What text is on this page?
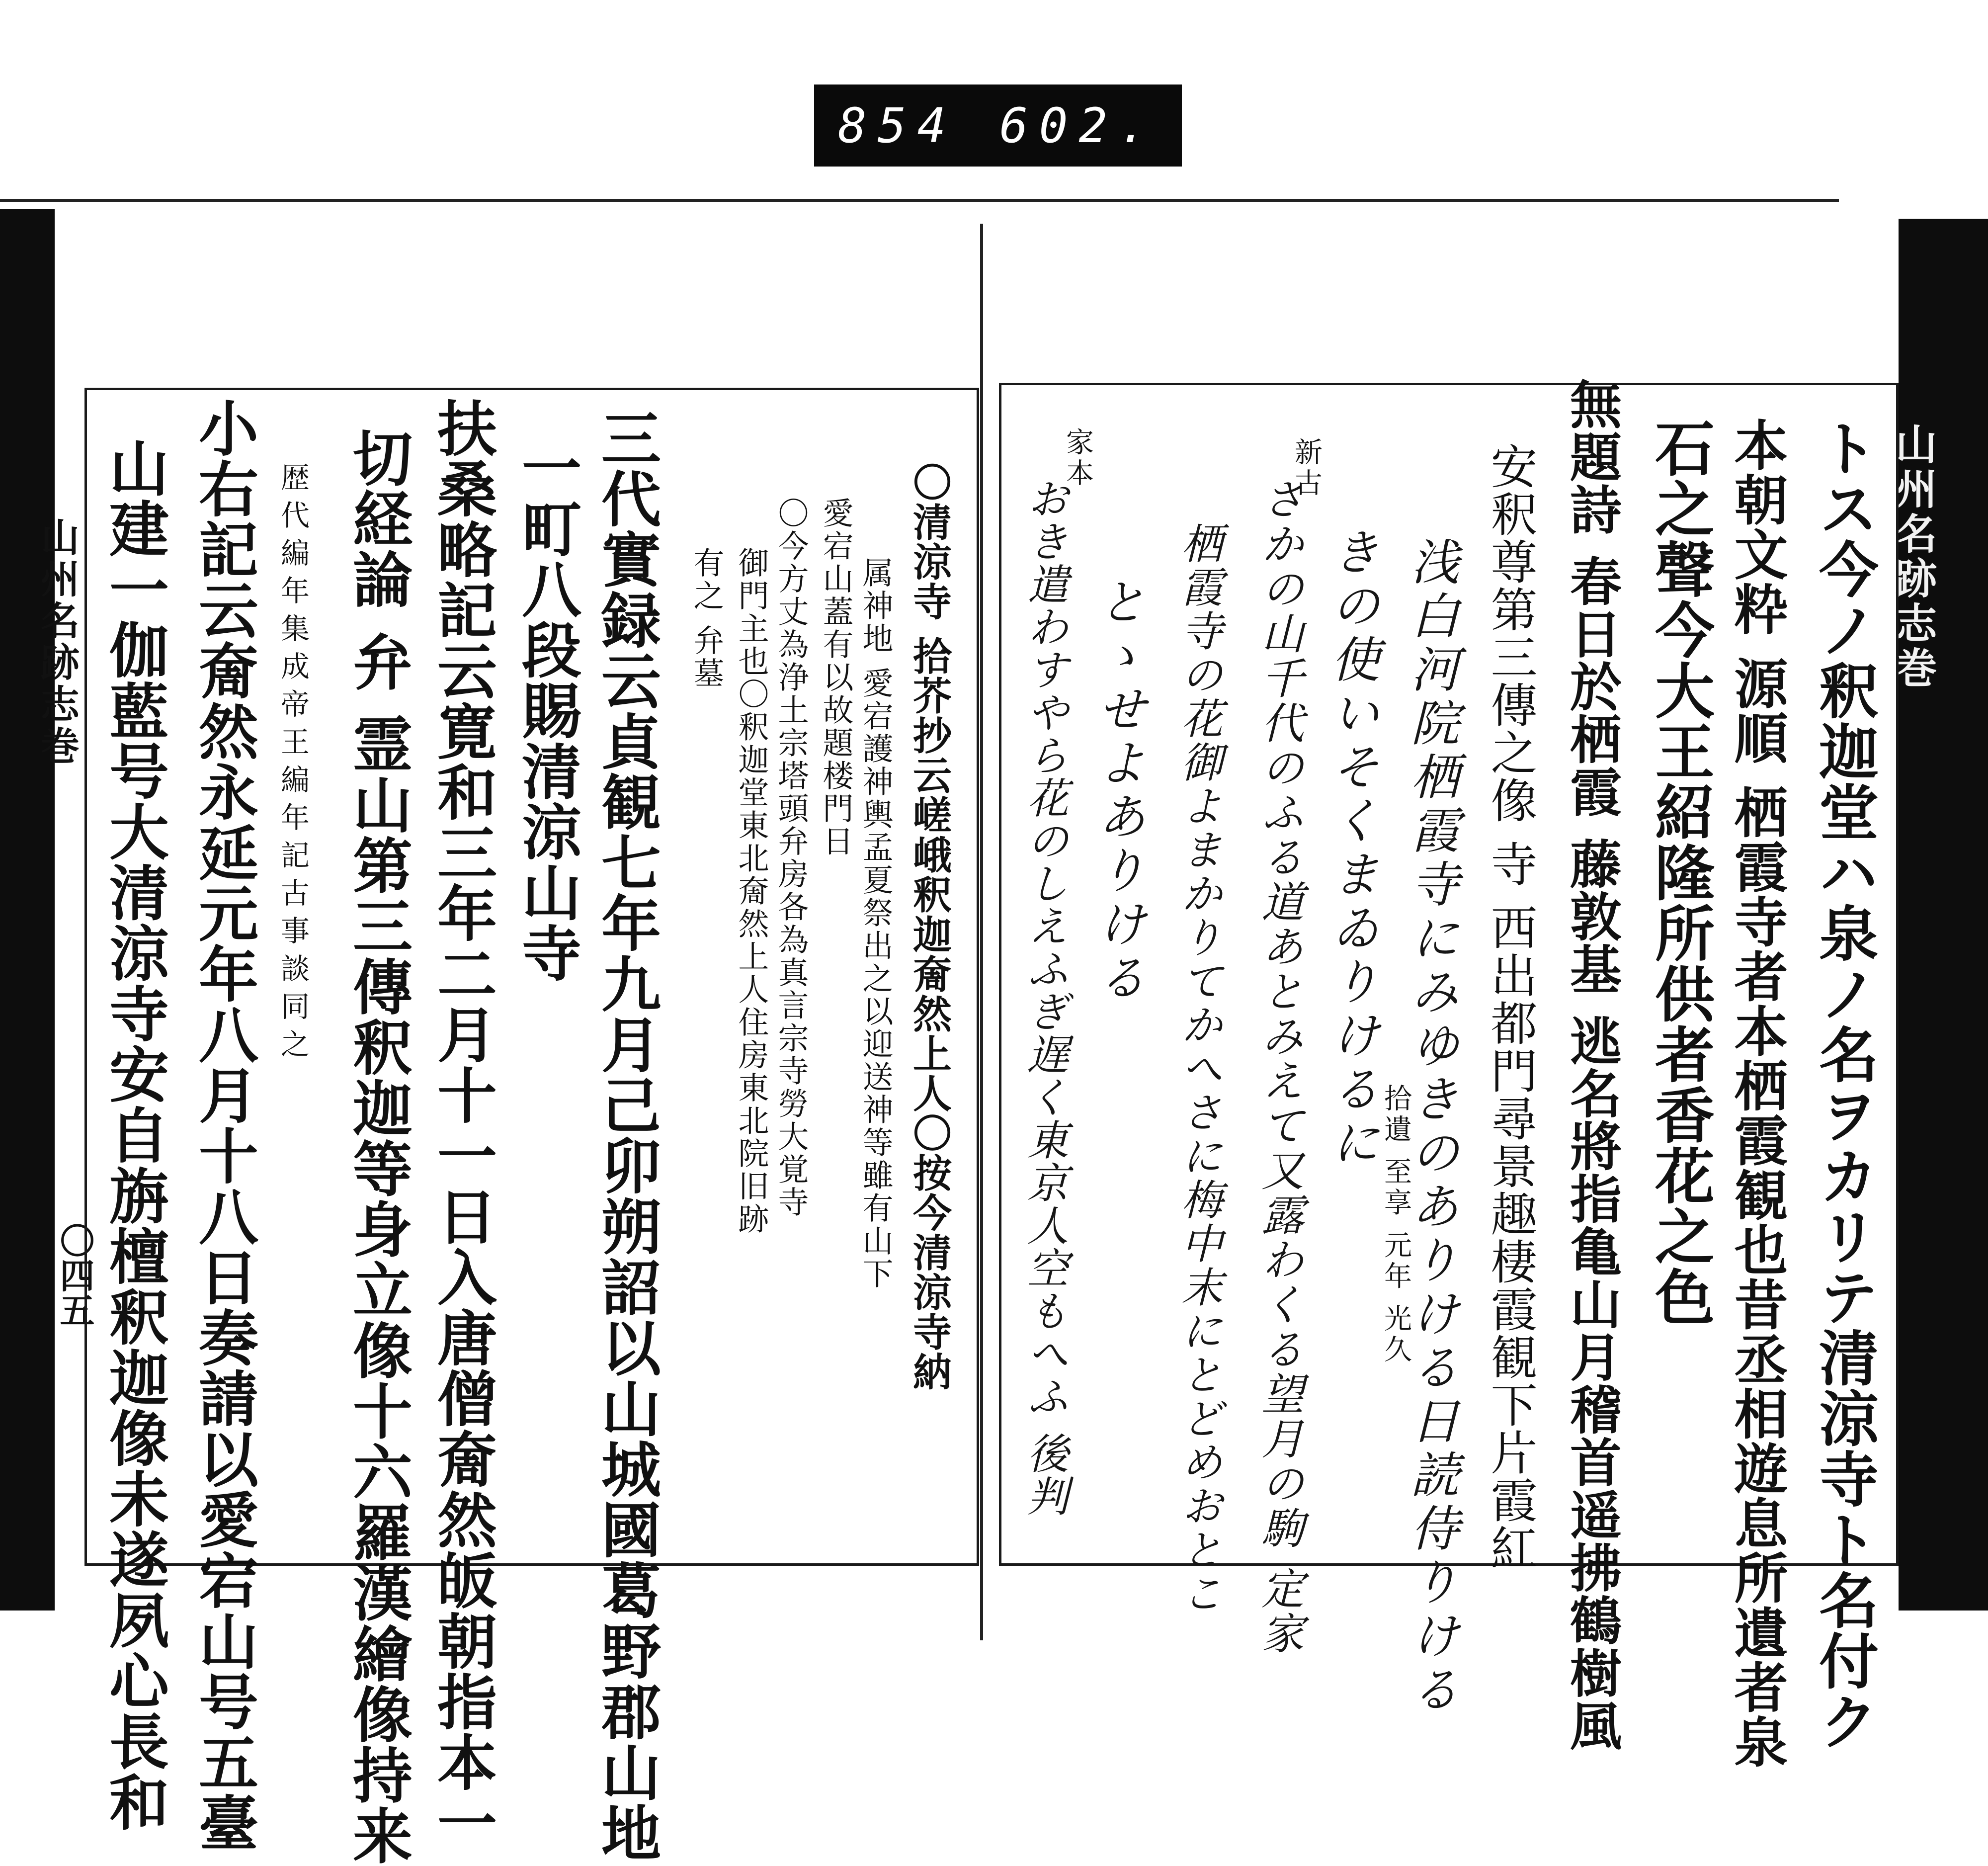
854 602.
山州名跡志巻	山州名跡志巻
〇四五	トス今ノ釈迦堂ハ泉ノ名ヲカリテ清涼寺ト名付ク
本朝文粋 源順 栖霞寺者本栖霞観也昔丞相遊息所遺者泉
石之聲今大王紹隆所供者香花之色
無題詩 春日於栖霞 藤敦基 逃名將指亀山月稽首遥拂鶴樹風
安釈尊第三傳之像 寺 西出都門尋景趣棲霞観下片霞紅
浅白河院栖霞寺にみゆきのありける日読侍りける
きの使いそくまゐりけるに
さかの山千代のふる道あとみえて又露わくる望月の駒 定家
栖霞寺の花御よまかりてかへさに梅中末にとどめおとこ
とゝせよありける
おき遣わすやら花のしえふぎ遅く東京人空もへふ 後判	拾遺 至享 元年 光久
新古
家本
〇清涼寺 拾芥抄云嵯峨釈迦奝然上人〇按今清涼寺納
属神地 愛宕護神輿孟夏祭出之以迎送神等雖有山下
愛宕山蓋有以故題楼門日
〇今方丈為浄土宗塔頭弁房各為真言宗寺勞大覚寺
御門主也〇釈迦堂東北奝然上人住房東北院旧跡
有之 弁墓
三代實録云貞観七年九月己卯朔詔以山城國葛野郡山地
一町八段賜清涼山寺
扶桑略記云寛和三年二月十一日入唐僧奝然皈朝指本一
切経論 弁 霊山第三傳釈迦等身立像十六羅漢繪像持来
歴代編年集成帝王編年記古事談同之
小右記云奝然永延元年八月十八日奏請以愛宕山号五臺
山建一伽藍号大清涼寺安自旃檀釈迦像未遂夙心長和
